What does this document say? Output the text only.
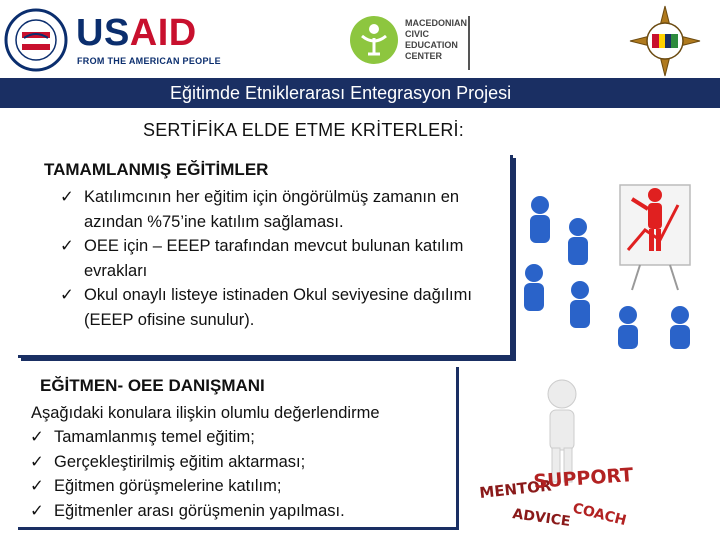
USAID
FROM THE AMERICAN PEOPLE
MACEDONIAN
CIVIC
EDUCATION
CENTER
Eğitimde Etniklerarası Entegrasyon Projesi
SERTİFİKA ELDE ETME KRİTERLERİ:
TAMAMLANMIŞ EĞİTİMLER
✓ Katılımcının her eğitim için öngörülmüş zamanın en azından %75’ine katılım sağlaması.
✓ OEE için – EEEP tarafından mevcut bulunan katılım evrakları
✓ Okul onaylı listeye istinaden Okul seviyesine dağılımı (EEEP ofisine sunulur).
EĞİTMEN- OEE DANIŞMANI
Aşağıdaki konulara ilişkin olumlu değerlendirme
✓ Tamamlanmış temel eğitim;
✓ Gerçekleştirilmiş eğitim aktarması;
✓ Eğitmen görüşmelerine katılım;
✓ Eğitmenler arası görüşmenin yapılması.
MENTOR
SUPPORT
ADVICE COACH
